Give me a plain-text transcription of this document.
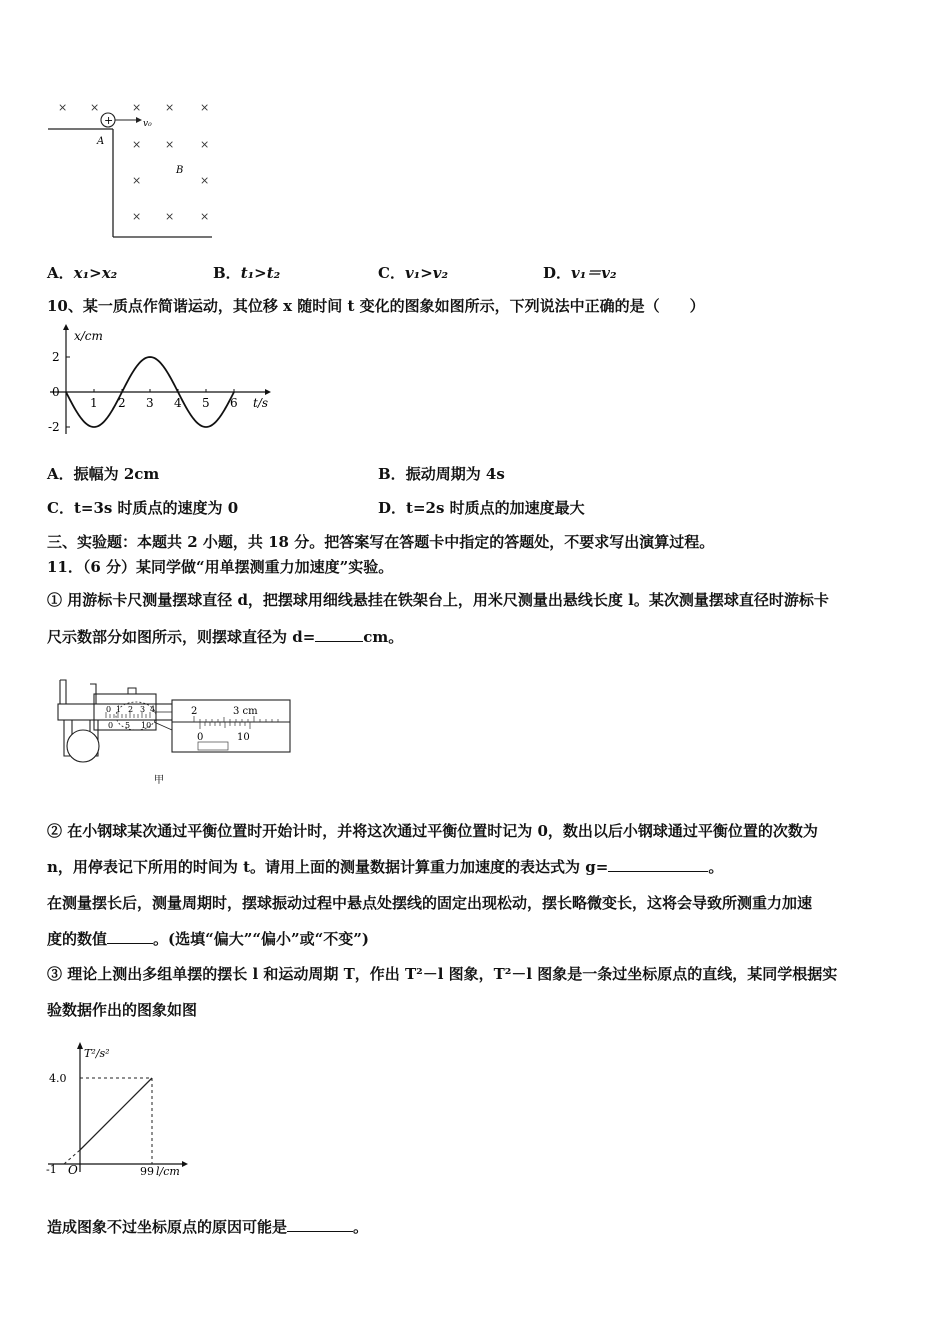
× ×	× × ×
× × ×
×	×
× × ×
+	v₀
A
B
A．x₁>x₂	B．t₁>t₂	C．v₁>v₂	D．v₁＝v₂
10、某一质点作简谐运动，其位移 x 随时间 t 变化的图象如图所示，下列说法中正确的是（　　）
x/cm
t/s
1 2 3 4 5 6
2
0
-2
A．振幅为 2cm	B．振动周期为 4s
C．t=3s 时质点的速度为 0	D．t=2s 时质点的加速度最大
三、实验题：本题共 2 小题，共 18 分。把答案写在答题卡中指定的答题处，不要求写出演算过程。
11．（6 分）某同学做“用单摆测重力加速度”实验。
① 用游标卡尺测量摆球直径 d，把摆球用细线悬挂在铁架台上，用米尺测量出悬线长度 l。某次测量摆球直径时游标卡
尺示数部分如图所示，则摆球直径为 d=	cm。
0 1 2 3 4
0 5 10
2	3 cm
0	10
甲
② 在小钢球某次通过平衡位置时开始计时，并将这次通过平衡位置时记为 0，数出以后小钢球通过平衡位置的次数为
n，用停表记下所用的时间为 t。请用上面的测量数据计算重力加速度的表达式为 g=	。
在测量摆长后，测量周期时，摆球振动过程中悬点处摆线的固定出现松动，摆长略微变长，这将会导致所测重力加速
度的数值	。(选填“偏大”“偏小”或“不变”)
③ 理论上测出多组单摆的摆长 l 和运动周期 T，作出 T²－l 图象，T²－l 图象是一条过坐标原点的直线，某同学根据实
验数据作出的图象如图
T²/s²
4.0
-1 O	99 l/cm
造成图象不过坐标原点的原因可能是	。
